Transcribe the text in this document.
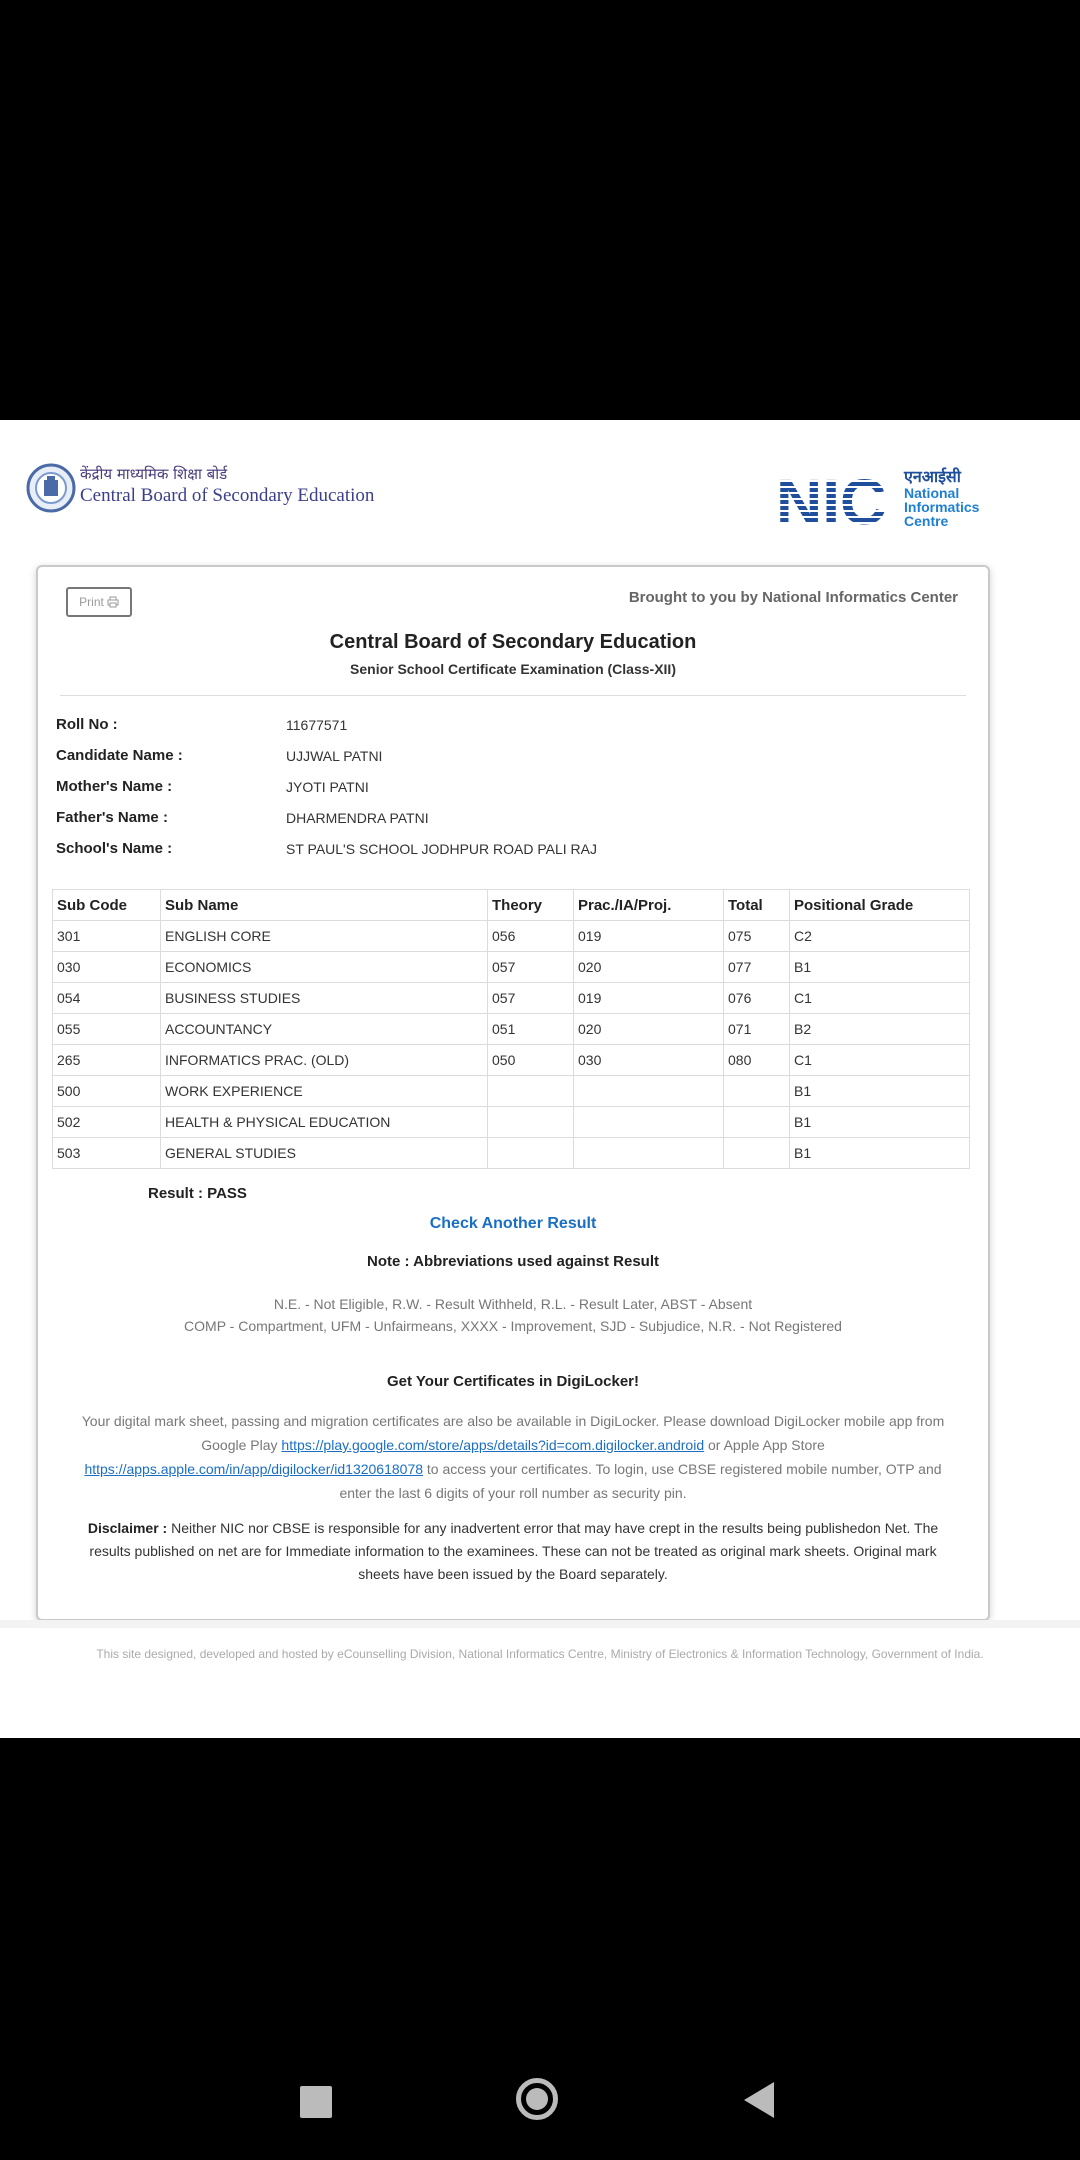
केंद्रीय माध्यमिक शिक्षा बोर्ड
Central Board of Secondary Education	NIC एनआईसी
National
Informatics
Centre
Print	Brought to you by National Informatics Center
Central Board of Secondary Education
Senior School Certificate Examination (Class-XII)
Roll No :	11677571
Candidate Name :	UJJWAL PATNI
Mother's Name :	JYOTI PATNI
Father's Name :	DHARMENDRA PATNI
School's Name :	ST PAUL'S SCHOOL JODHPUR ROAD PALI RAJ
Sub Code	Sub Name	Theory	Prac./IA/Proj.	Total	Positional Grade
301	ENGLISH CORE	056	019	075	C2
030	ECONOMICS	057	020	077	B1
054	BUSINESS STUDIES	057	019	076	C1
055	ACCOUNTANCY	051	020	071	B2
265	INFORMATICS PRAC. (OLD)	050	030	080	C1
500	WORK EXPERIENCE				B1
502	HEALTH & PHYSICAL EDUCATION				B1
503	GENERAL STUDIES				B1
Result : PASS
Check Another Result
Note : Abbreviations used against Result
N.E. - Not Eligible, R.W. - Result Withheld, R.L. - Result Later, ABST - Absent
COMP - Compartment, UFM - Unfairmeans, XXXX - Improvement, SJD - Subjudice, N.R. - Not Registered
Get Your Certificates in DigiLocker!
Your digital mark sheet, passing and migration certificates are also be available in DigiLocker. Please download DigiLocker mobile app from Google Play https://play.google.com/store/apps/details?id=com.digilocker.android or Apple App Store https://apps.apple.com/in/app/digilocker/id1320618078 to access your certificates. To login, use CBSE registered mobile number, OTP and enter the last 6 digits of your roll number as security pin.
Disclaimer : Neither NIC nor CBSE is responsible for any inadvertent error that may have crept in the results being publishedon Net. The results published on net are for Immediate information to the examinees. These can not be treated as original mark sheets. Original mark sheets have been issued by the Board separately.
This site designed, developed and hosted by eCounselling Division, National Informatics Centre, Ministry of Electronics & Information Technology, Government of India.
